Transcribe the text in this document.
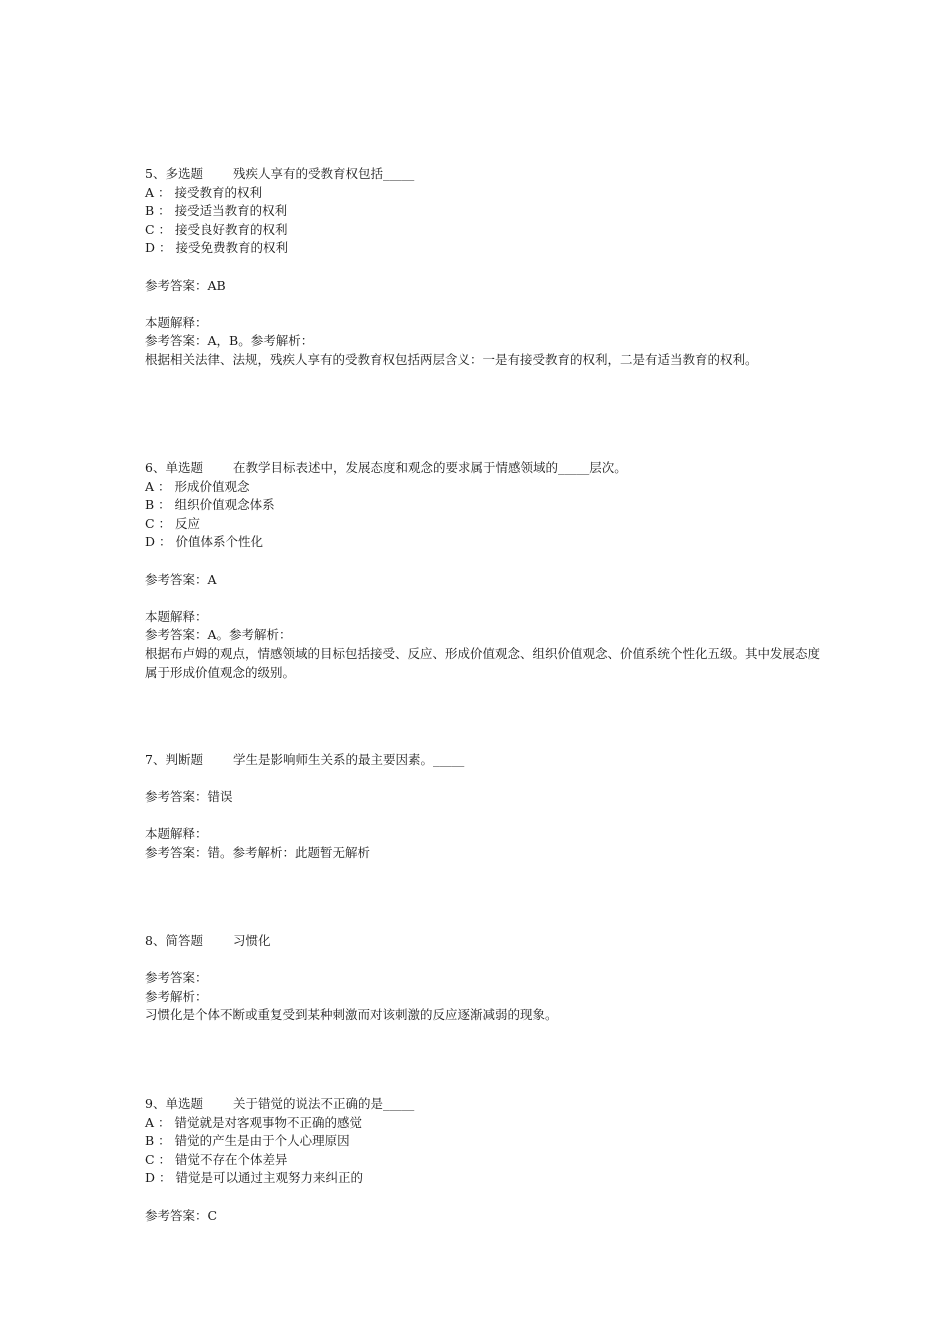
5、多选题 残疾人享有的受教育权包括_____
A ： 接受教育的权利
B ： 接受适当教育的权利
C ： 接受良好教育的权利
D ： 接受免费教育的权利
参考答案：AB
本题解释：
参考答案：A，B。参考解析：
根据相关法律、法规，残疾人享有的受教育权包括两层含义：一是有接受教育的权利，二是有适当教育的权利。
6、单选题 在教学目标表述中，发展态度和观念的要求属于情感领域的_____层次。
A ： 形成价值观念
B ： 组织价值观念体系
C ： 反应
D ： 价值体系个性化
参考答案：A
本题解释：
参考答案：A。参考解析：
根据布卢姆的观点，情感领域的目标包括接受、反应、形成价值观念、组织价值观念、价值系统个性化五级。其中发展态度属于形成价值观念的级别。
7、判断题 学生是影响师生关系的最主要因素。_____
参考答案：错误
本题解释：
参考答案：错。参考解析：此题暂无解析
8、简答题 习惯化
参考答案：
参考解析：
习惯化是个体不断或重复受到某种刺激而对该刺激的反应逐渐减弱的现象。
9、单选题 关于错觉的说法不正确的是_____
A ： 错觉就是对客观事物不正确的感觉
B ： 错觉的产生是由于个人心理原因
C ： 错觉不存在个体差异
D ： 错觉是可以通过主观努力来纠正的
参考答案：C
